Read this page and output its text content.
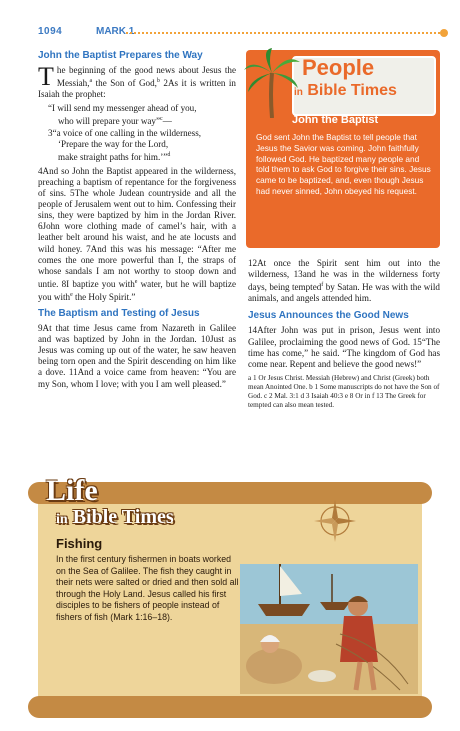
1094	MARK 1
John the Baptist Prepares the Way

The beginning of the good news about Jesus the Messiah,$^a$ the Son of God,$^b$ 2As it is written in Isaiah the prophet:

“I will send my messenger ahead of you,
who will prepare your way”$^c$—
3“a voice of one calling in the wilderness,
‘Prepare the way for the Lord,
make straight paths for him.’”$^d$

4And so John the Baptist appeared in the wilderness, preaching a baptism of repentance for the forgiveness of sins. 5The whole Judean countryside and all the people of Jerusalem went out to him. Confessing their sins, they were baptized by him in the Jordan River. 6John wore clothing made of camel’s hair, with a leather belt around his waist, and he ate locusts and wild honey. 7And this was his message: “After me comes the one more powerful than I, the straps of whose sandals I am not worthy to stoop down and untie. 8I baptize you with$^e$ water, but he will baptize you with$^e$ the Holy Spirit.”

The Baptism and Testing of Jesus

9At that time Jesus came from Nazareth in Galilee and was baptized by John in the Jordan. 10Just as Jesus was coming up out of the water, he saw heaven being torn open and the Spirit descending on him like a dove. 11And a voice came from heaven: “You are my Son, whom I love; with you I am well pleased.”

People
in Bible Times
John the Baptist
God sent John the Baptist to tell people that Jesus the Savior was coming. John faithfully followed God. He baptized many people and told them to ask God to forgive their sins. Jesus came to be baptized, and, even though Jesus had never sinned, John obeyed his request.

12At once the Spirit sent him out into the wilderness, 13and he was in the wilderness forty days, being tempted$^f$ by Satan. He was with the wild animals, and angels attended him.

Jesus Announces the Good News

14After John was put in prison, Jesus went into Galilee, proclaiming the good news of God. 15“The time has come,” he said. “The kingdom of God has come near. Repent and believe the good news!”

a 1 Or Jesus Christ. Messiah (Hebrew) and Christ (Greek) both mean Anointed One. b 1 Some manuscripts do not have the Son of God. c 2 Mal. 3:1 d 3 Isaiah 40:3 e 8 Or in f 13 The Greek for tempted can also mean tested.
Life
in Bible Times
Fishing
In the first century fishermen in boats worked on the Sea of Galilee. The fish they caught in their nets were salted or dried and then sold all through the Holy Land. Jesus called his first disciples to be fishers of people instead of fishers of fish (Mark 1:16–18).
